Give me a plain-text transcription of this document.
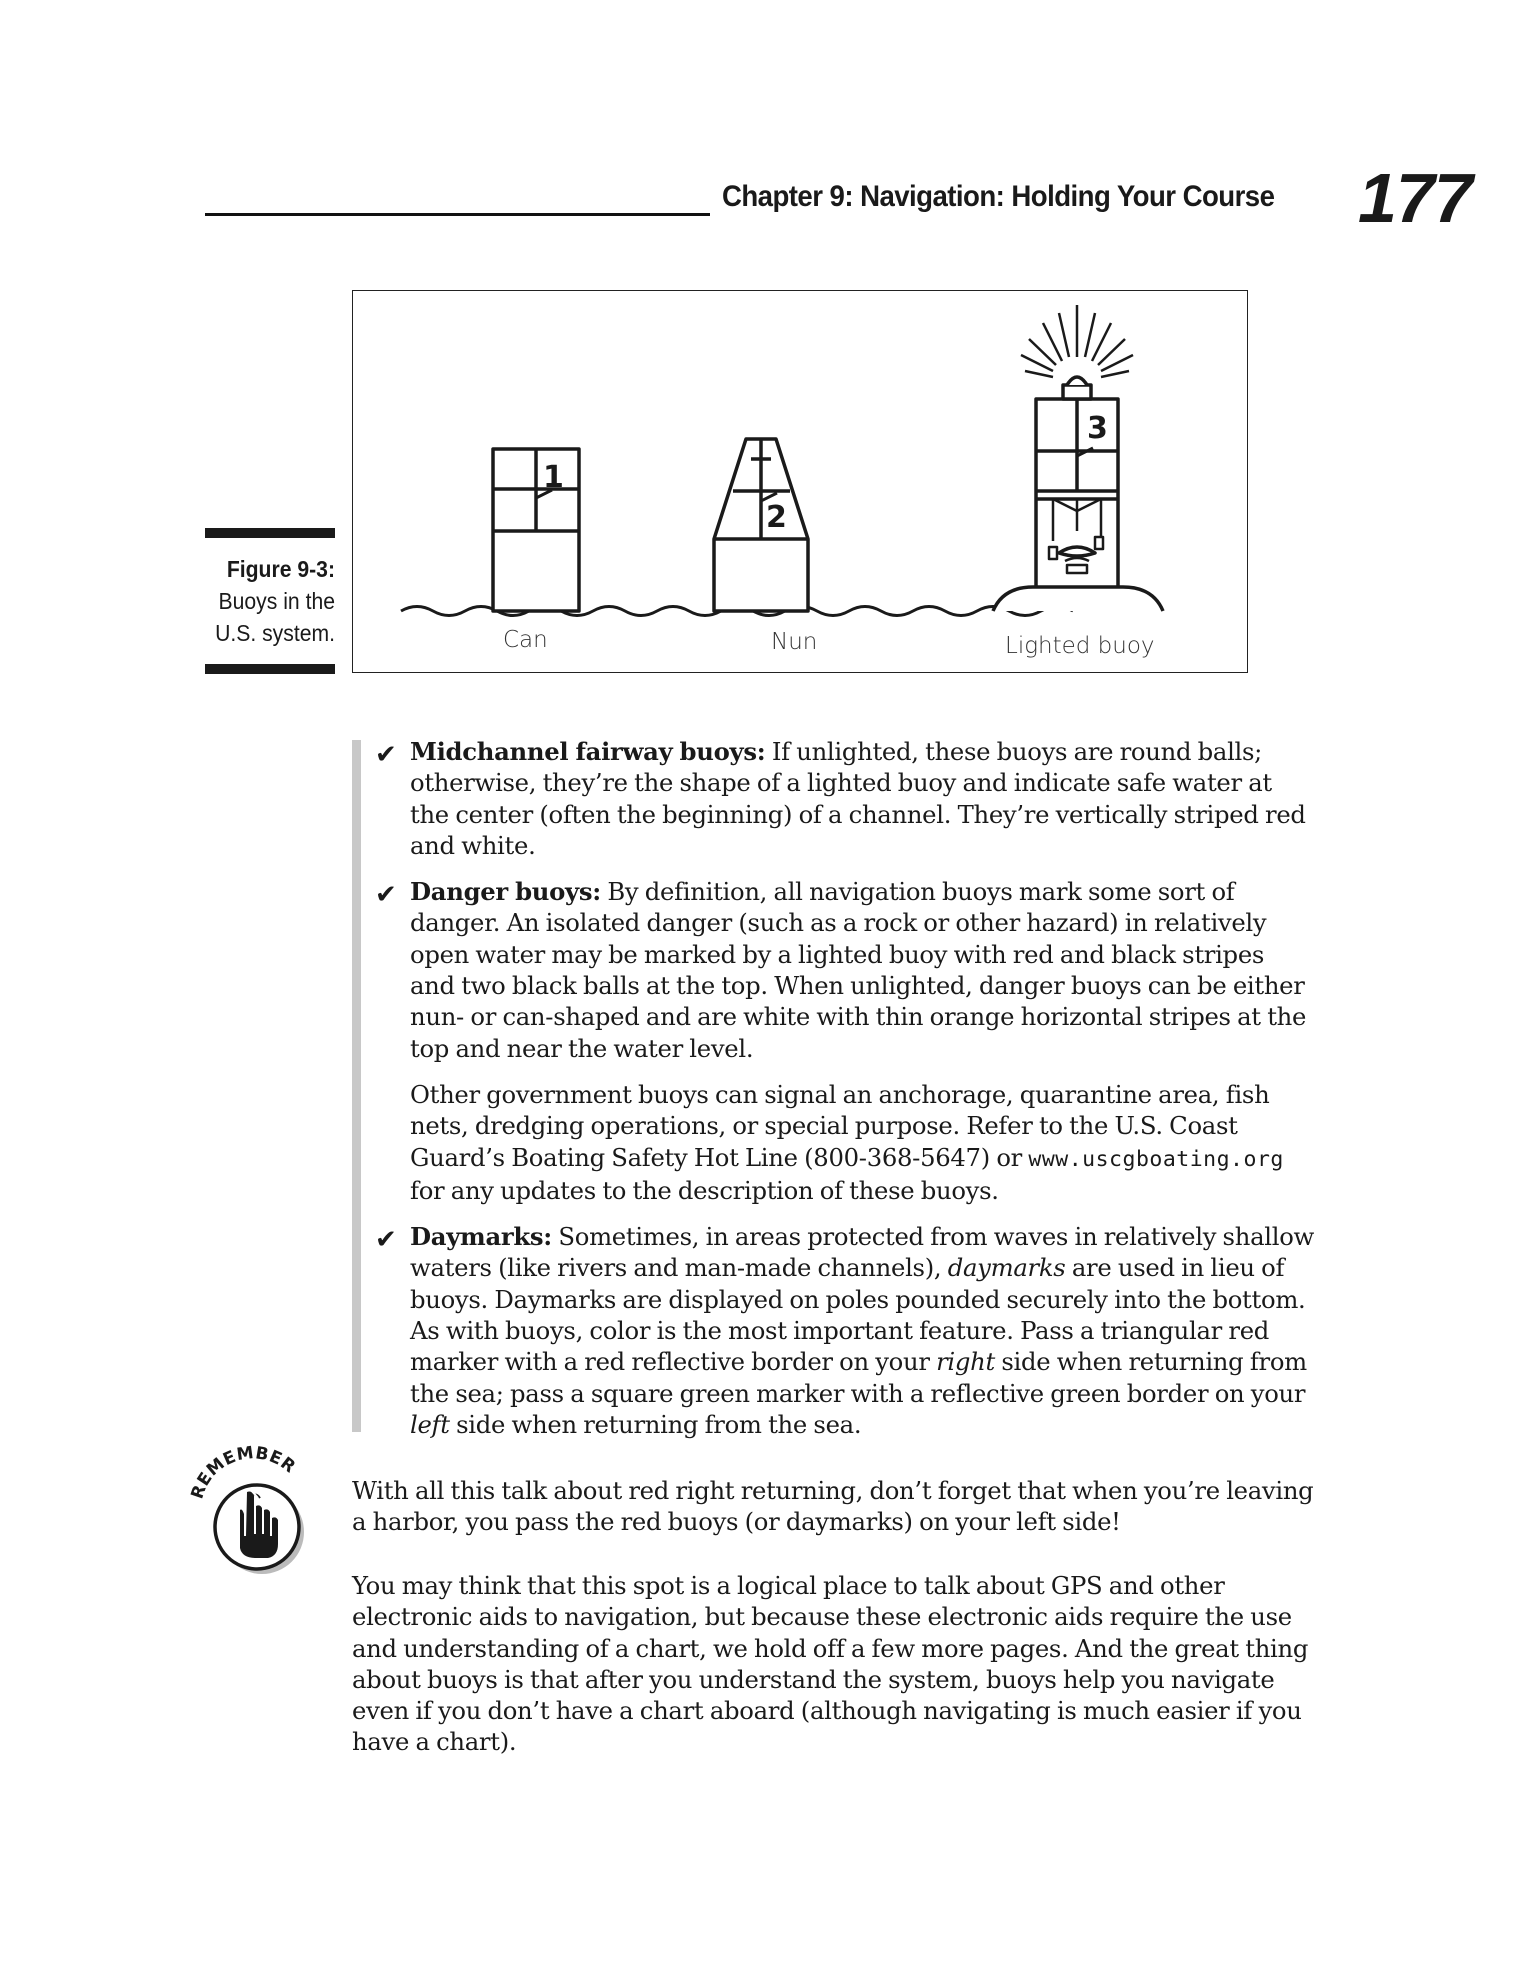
Chapter 9: Navigation: Holding Your Course 177
Figure 9-3:
Buoys in the U.S. system.
1
2
3
Can	Nun	Lighted buoy
✔ Midchannel fairway buoys: If unlighted, these buoys are round balls; otherwise, they’re the shape of a lighted buoy and indicate safe water at the center (often the beginning) of a channel. They’re vertically striped red and white.

✔ Danger buoys: By definition, all navigation buoys mark some sort of danger. An isolated danger (such as a rock or other hazard) in relatively open water may be marked by a lighted buoy with red and black stripes and two black balls at the top. When unlighted, danger buoys can be either nun- or can-shaped and are white with thin orange horizontal stripes at the top and near the water level.

Other government buoys can signal an anchorage, quarantine area, fish nets, dredging operations, or special purpose. Refer to the U.S. Coast Guard’s Boating Safety Hot Line (800-368-5647) or www.uscgboating.org for any updates to the description of these buoys.

✔ Daymarks: Sometimes, in areas protected from waves in relatively shallow waters (like rivers and man-made channels), daymarks are used in lieu of buoys. Daymarks are displayed on poles pounded securely into the bottom. As with buoys, color is the most important feature. Pass a triangular red marker with a red reflective border on your right side when returning from the sea; pass a square green marker with a reflective green border on your left side when returning from the sea.

REMEMBER

With all this talk about red right returning, don’t forget that when you’re leaving a harbor, you pass the red buoys (or daymarks) on your left side!

You may think that this spot is a logical place to talk about GPS and other electronic aids to navigation, but because these electronic aids require the use and understanding of a chart, we hold off a few more pages. And the great thing about buoys is that after you understand the system, buoys help you navigate even if you don’t have a chart aboard (although navigating is much easier if you have a chart).
